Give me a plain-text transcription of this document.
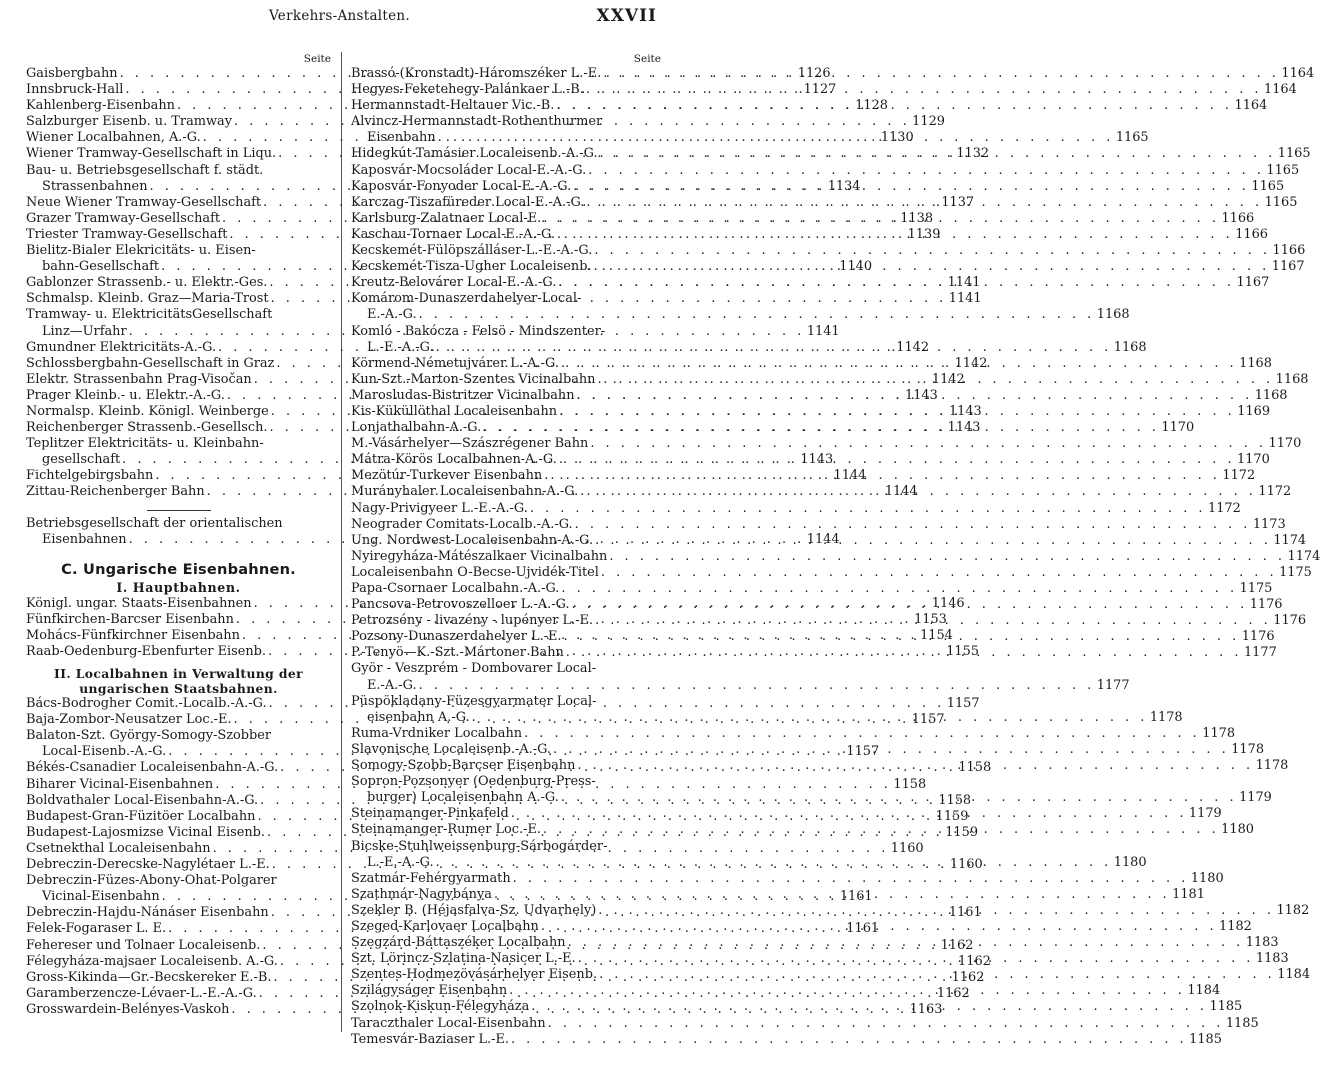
Verkehrs-Anstalten.	XXVII
Seite
Gaisbergbahn . . .	1126
Innsbruck-Hall . . .	1127
Kahlenberg-Eisenbahn . . .	1128
Salzburger Eisenb. u. Tramway . . .	1129
Wiener Localbahnen, A.-G. . . .	1130
Wiener Tramway-Gesellschaft in Liqu. . . .	1132
Bau- u. Betriebsgesellschaft f. städt.
Strassenbahnen . . .	1134
Neue Wiener Tramway-Gesellschaft . . .	1137
Grazer Tramway-Gesellschaft . . .	1138
Triester Tramway-Gesellschaft . . .	1139
Bielitz-Bialer Elekricitäts- u. Eisen-
bahn-Gesellschaft . . .	1140
Gablonzer Strassenb.- u. Elektr.-Ges. . . .	1141
Schmalsp. Kleinb. Graz—Maria-Trost . . .	1141
Tramway- u. ElektricitätsGesellschaft
Linz—Urfahr . . .	1141
Gmundner Elektricitäts-A.-G. . . .	1142
Schlossbergbahn-Gesellschaft in Graz . . .	1142
Elektr. Strassenbahn Prag-Visočan . . .	1142
Prager Kleinb.- u. Elektr.-A.-G. . . .	1143
Normalsp. Kleinb. Königl. Weinberge . . .	1143
Reichenberger Strassenb.-Gesellsch. . . .	1143
Teplitzer Elektricitäts- u. Kleinbahn-
gesellschaft . . .	1143
Fichtelgebirgsbahn . . .	1144
Zittau-Reichenberger Bahn . . .	1144
Betriebsgesellschaft der orientalischen
Eisenbahnen . . .	1144
C. Ungarische Eisenbahnen.
I. Hauptbahnen.
Königl. ungar. Staats-Eisenbahnen . . .	1146
Fünfkirchen-Barcser Eisenbahn . . .	1153
Mohács-Fünfkirchner Eisenbahn . . .	1154
Raab-Oedenburg-Ebenfurter Eisenb. . . .	1155
II. Localbahnen in Verwaltung der
ungarischen Staatsbahnen.
Bács-Bodrogher Comit.-Localb.-A.-G. . . .	1157
Baja-Zombor-Neusatzer Loc.-E. . . .	1157
Balaton-Szt. György-Somogy-Szobber
Local-Eisenb.-A.-G. . . .	1157
Békés-Csanadier Localeisenbahn-A.-G. . . .	1158
Biharer Vicinal-Eisenbahnen . . .	1158
Boldvathaler Local-Eisenbahn-A.-G. . . .	1158
Budapest-Gran-Füzitöer Localbahn . . .	1159
Budapest-Lajosmizse Vicinal Eisenb. . . .	1159
Csetnekthal Localeisenbahn . . .	1160
Debreczin-Derecske-Nagylétaer L.-E. . . .	1160
Debreczin-Füzes-Abony-Ohat-Polgarer
Vicinal-Eisenbahn . . .	1161
Debreczin-Hajdu-Nánáser Eisenbahn . . .	1161
Felek-Fogaraser L. E. . . .	1161
Fehereser und Tolnaer Localeisenb. . . .	1162
Félegyháza-majsaer Localeisenb. A.-G. . . .	1162
Gross-Kikinda—Gr.-Becskereker E.-B. . . .	1162
Garamberzencze-Lévaer-L.-E.-A.-G. . . .	1162
Grosswardein-Belényes-Vaskoh . . .	1163
Seite
Brassó-(Kronstadt)-Háromszéker L.-E. . . .	1164
Hegyes-Feketehegy-Palánkaer L.-B. . . .	1164
Hermannstadt-Heltauer Vic.-B. . . .	1164
Alvincz-Hermannstadt-Rothenthurmer
Eisenbahn . . .	1165
Hidegkút-Tamásier Localeisenb.-A.-G. . . .	1165
Kaposvár-Mocsoláder Local-E.-A.-G. . . .	1165
Kaposvár-Fonyoder Local-E.-A.-G. . . .	1165
Karczag-Tiszafüreder Local-E.-A.-G. . . .	1165
Karlsburg-Zalatnaer Local-E. . . .	1166
Kaschau-Tornaer Local-E.-A.-G. . . .	1166
Kecskemét-Fülöpszálláser-L.-E.-A.-G. . . .	1166
Kecskemét-Tisza-Ugher Localeisenb. . . .	1167
Kreutz-Belovárer Local-E.-A.-G. . . .	1167
Komárom-Dunaszerdahelyer-Local-
E.-A.-G. . . .	1168
Komló - Bakócza - Felsö - Mindszenter-
L.-E.-A.-G. . . .	1168
Körmend-Németujvárer L.-A.-G. . . .	1168
Kun-Szt.-Marton-Szentes Vicinalbahn . . .	1168
Marosludas-Bistritzer Vicinalbahn . . .	1168
Kis-Küküllöthal Localeisenbahn . . .	1169
Lonjathalbahn-A.-G. . . .	1170
M.-Vásárhelyer—Szászrégener Bahn . . .	1170
Mátra-Körös Localbahnen-A.-G. . . .	1170
Mezötúr-Turkever Eisenbahn . . .	1172
Murányhaler Localeisenbahn-A.-G. . . .	1172
Nagy-Privigyeer L.-E.-A.-G. . . .	1172
Neograder Comitats-Localb.-A.-G. . . .	1173
Ung. Nordwest-Localeisenbahn-A.-G. . . .	1174
Nyiregyháza-Mátészalkaer Vicinalbahn . . .	1174
Localeisenbahn O-Becse-Ujvidék-Titel . . .	1175
Papa-Csornaer Localbahn.-A.-G. . . .	1175
Pancsova-Petrovoszelloer L.-A.-G. . . .	1176
Petrozsény - livazény - lupényer L.-E. . . .	1176
Pozsony-Dunaszerdahelyer L.-E. . . .	1176
P.-Tenyö—K.-Szt.-Mártoner Bahn . . .	1177
Györ - Veszprém - Dombovarer Local-
E.-A.-G. . . .	1177
Püspökladany-Füzesgyarmater Local-
eisenbahn A.-G. . . .	1178
Ruma-Vrdniker Localbahn . . .	1178
Slavonische Localeisenb.-A.-G. . . .	1178
Somogy-Szobb-Barcser Eisenbahn . . .	1178
Sopron-Pozsonyer (Oedenburg-Press-
burger) Localeisenbahn A.-G. . . .	1179
Steinamanger-Pinkafeld . . .	1179
Steinamanger-Rumer Loc.-E. . . .	1180
Bicske-Stuhlweissenburg-Sárbogárder-
L.-E.-A.-G. . . .	1180
Szatmár-Fehérgyarmath . . .	1180
Szathmár-Nagybánya . . .	1181
Szekler B. (Héjasfalva-Sz. Udvarhely) . . .	1182
Szeged-Karlovaer Localbahn . . .	1182
Szegzárd-Báttaszéker Localbahn . . .	1183
Szt. Lörincz-Szlatina-Nasicer L.-E. . . .	1183
Szentes-Hodmezövásárhelyer Eisenb. . . .	1184
Szilágyságer Eisenbahn . . .	1184
Szolnok-Kiskun-Félegyháza . . .	1185
Taraczthaler Local-Eisenbahn . . .	1185
Temesvár-Baziaser L.-E. . . .	1185
